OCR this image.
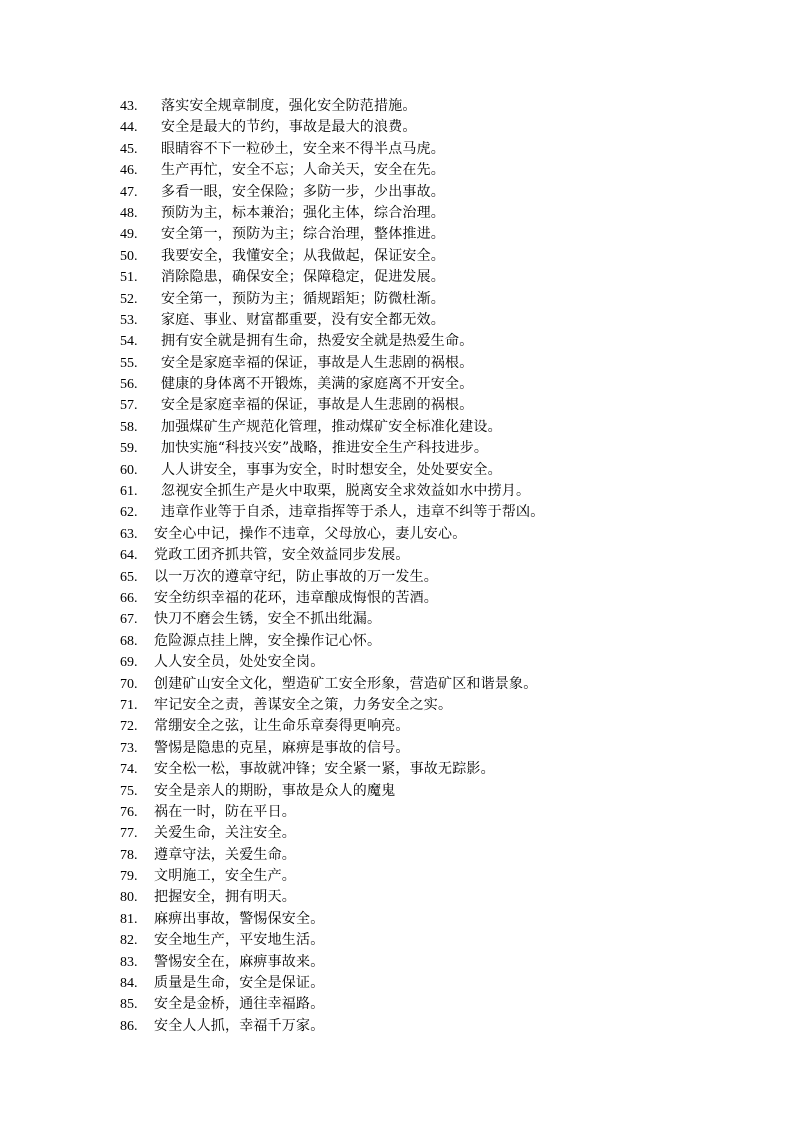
43.	落实安全规章制度，强化安全防范措施。
44.	安全是最大的节约，事故是最大的浪费。
45.	眼睛容不下一粒砂土，安全来不得半点马虎。
46.	生产再忙，安全不忘；人命关天，安全在先。
47.	多看一眼，安全保险；多防一步，少出事故。
48.	预防为主，标本兼治；强化主体，综合治理。
49.	安全第一，预防为主；综合治理，整体推进。
50.	我要安全，我懂安全；从我做起，保证安全。
51.	消除隐患，确保安全；保障稳定，促进发展。
52.	安全第一，预防为主；循规蹈矩；防微杜渐。
53.	家庭、事业、财富都重要，没有安全都无效。
54.	拥有安全就是拥有生命，热爱安全就是热爱生命。
55.	安全是家庭幸福的保证，事故是人生悲剧的祸根。
56.	健康的身体离不开锻炼，美满的家庭离不开安全。
57.	安全是家庭幸福的保证，事故是人生悲剧的祸根。
58.	加强煤矿生产规范化管理，推动煤矿安全标准化建设。
59.	加快实施“科技兴安”战略，推进安全生产科技进步。
60.	人人讲安全，事事为安全，时时想安全，处处要安全。
61.	忽视安全抓生产是火中取栗，脱离安全求效益如水中捞月。
62.	违章作业等于自杀，违章指挥等于杀人，违章不纠等于帮凶。
63.	安全心中记，操作不违章，父母放心，妻儿安心。
64.	党政工团齐抓共管，安全效益同步发展。
65.	以一万次的遵章守纪，防止事故的万一发生。
66.	安全纺织幸福的花环，违章酿成悔恨的苦酒。
67.	快刀不磨会生锈，安全不抓出纰漏。
68.	危险源点挂上牌，安全操作记心怀。
69.	人人安全员，处处安全岗。
70.	创建矿山安全文化，塑造矿工安全形象，营造矿区和谐景象。
71.	牢记安全之责，善谋安全之策，力务安全之实。
72.	常绷安全之弦，让生命乐章奏得更响亮。
73.	警惕是隐患的克星，麻痹是事故的信号。
74.	安全松一松，事故就冲锋；安全紧一紧，事故无踪影。
75.	安全是亲人的期盼，事故是众人的魔鬼
76.	祸在一时，防在平日。
77.	关爱生命，关注安全。
78.	遵章守法，关爱生命。
79.	文明施工，安全生产。
80.	把握安全，拥有明天。
81.	麻痹出事故，警惕保安全。
82.	安全地生产，平安地生活。
83.	警惕安全在，麻痹事故来。
84.	质量是生命，安全是保证。
85.	安全是金桥，通往幸福路。
86.	安全人人抓，幸福千万家。
